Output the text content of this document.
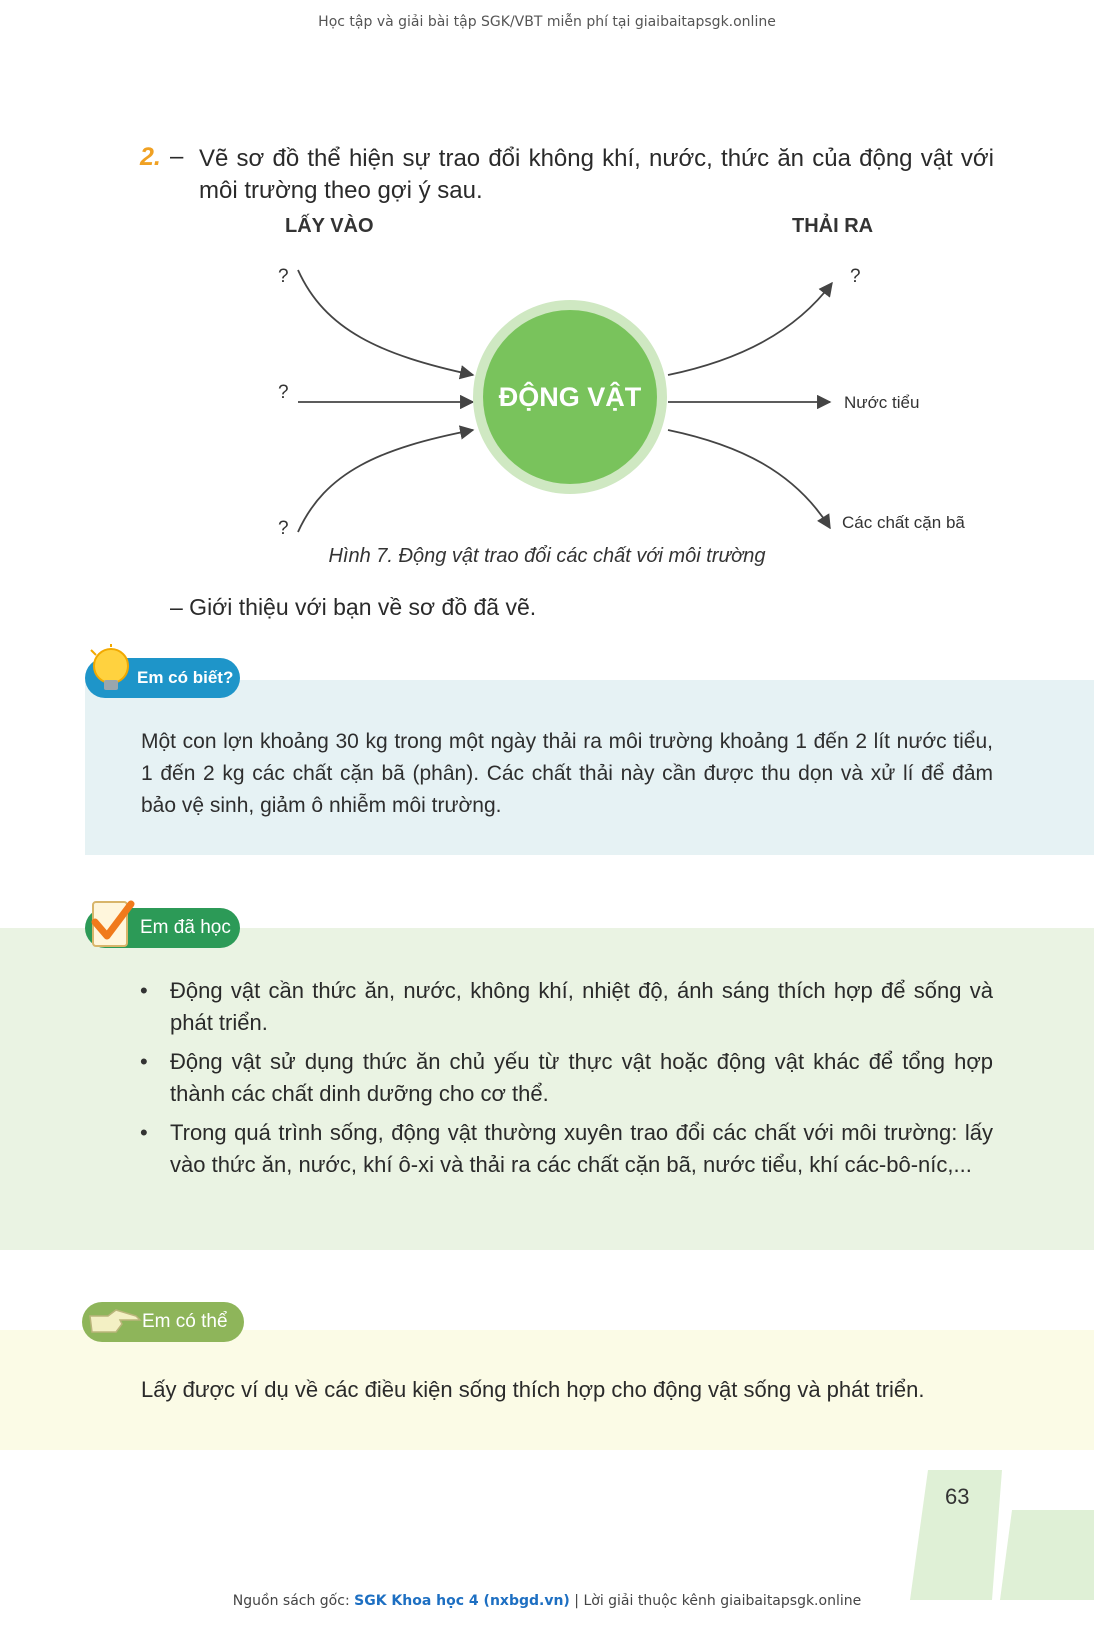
Học tập và giải bài tập SGK/VBT miễn phí tại giaibaitapsgk.online
2. – Vẽ sơ đồ thể hiện sự trao đổi không khí, nước, thức ăn của động vật với môi trường theo gợi ý sau.
LẤY VÀO	THẢI RA
?
?
?
ĐỘNG VẬT
?
Nước tiểu
Các chất cặn bã
Hình 7. Động vật trao đổi các chất với môi trường
– Giới thiệu với bạn về sơ đồ đã vẽ.
Em có biết?
Một con lợn khoảng 30 kg trong một ngày thải ra môi trường khoảng 1 đến 2 lít nước tiểu, 1 đến 2 kg các chất cặn bã (phân). Các chất thải này cần được thu dọn và xử lí để đảm bảo vệ sinh, giảm ô nhiễm môi trường.
Em đã học
• Động vật cần thức ăn, nước, không khí, nhiệt độ, ánh sáng thích hợp để sống và phát triển.
• Động vật sử dụng thức ăn chủ yếu từ thực vật hoặc động vật khác để tổng hợp thành các chất dinh dưỡng cho cơ thể.
• Trong quá trình sống, động vật thường xuyên trao đổi các chất với môi trường: lấy vào thức ăn, nước, khí ô-xi và thải ra các chất cặn bã, nước tiểu, khí các-bô-níc,...
Em có thể
Lấy được ví dụ về các điều kiện sống thích hợp cho động vật sống và phát triển.
63
Nguồn sách gốc: SGK Khoa học 4 (nxbgd.vn) | Lời giải thuộc kênh giaibaitapsgk.online
